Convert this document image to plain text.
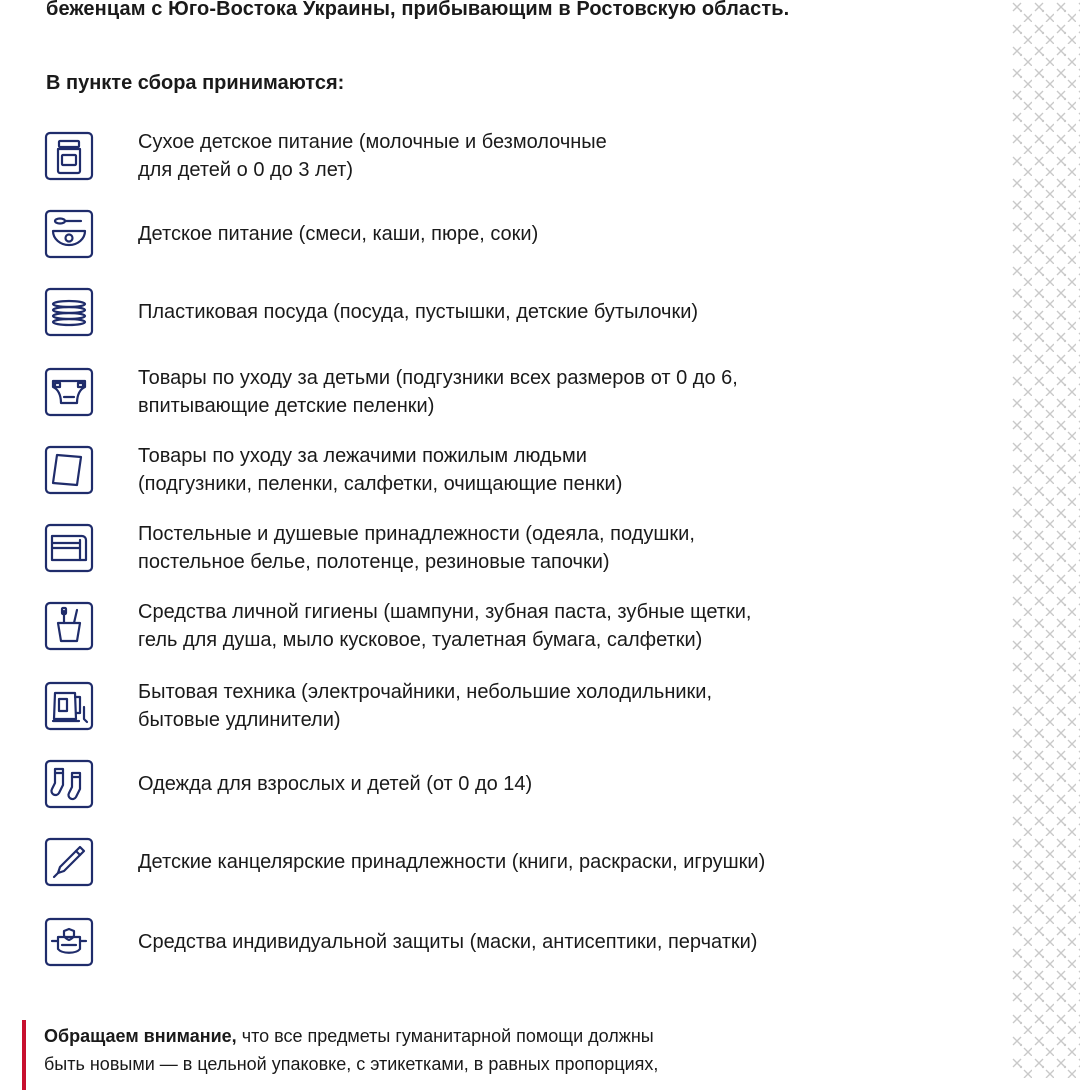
беженцам с Юго-Востока Украины, прибывающим в Ростовскую область.

В пункте сбора принимаются:

Сухое детское питание (молочные и безмолочные
для детей о 0 до 3 лет)
Детское питание (смеси, каши, пюре, соки)
Пластиковая посуда (посуда, пустышки, детские бутылочки)
Товары по уходу за детьми (подгузники всех размеров от 0 до 6,
впитывающие детские пеленки)
Товары по уходу за лежачими пожилым людьми
(подгузники, пеленки, салфетки, очищающие пенки)
Постельные и душевые принадлежности (одеяла, подушки,
постельное белье, полотенце, резиновые тапочки)
Средства личной гигиены (шампуни, зубная паста, зубные щетки,
гель для душа, мыло кусковое, туалетная бумага, салфетки)
Бытовая техника (электрочайники, небольшие холодильники,
бытовые удлинители)
Одежда для взрослых и детей (от 0 до 14)
Детские канцелярские принадлежности (книги, раскраски, игрушки)
Средства индивидуальной защиты (маски, антисептики, перчатки)

Обращаем внимание, что все предметы гуманитарной помощи должны
быть новыми — в цельной упаковке, с этикетками, в равных пропорциях,
